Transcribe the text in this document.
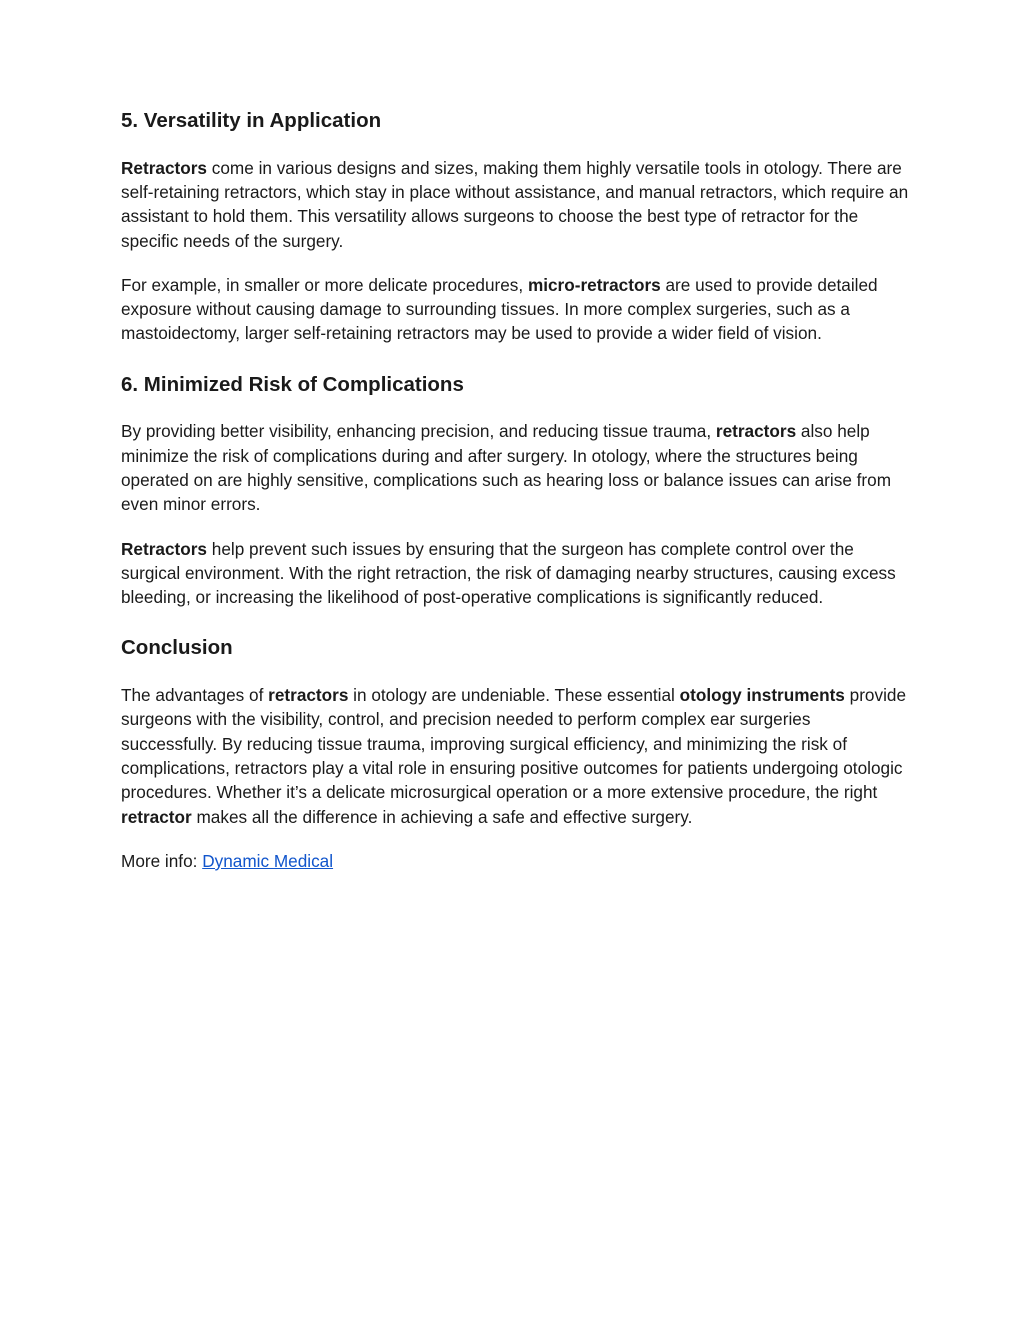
5. Versatility in Application

Retractors come in various designs and sizes, making them highly versatile tools in otology. There are self-retaining retractors, which stay in place without assistance, and manual retractors, which require an assistant to hold them. This versatility allows surgeons to choose the best type of retractor for the specific needs of the surgery.

For example, in smaller or more delicate procedures, micro-retractors are used to provide detailed exposure without causing damage to surrounding tissues. In more complex surgeries, such as a mastoidectomy, larger self-retaining retractors may be used to provide a wider field of vision.

6. Minimized Risk of Complications

By providing better visibility, enhancing precision, and reducing tissue trauma, retractors also help minimize the risk of complications during and after surgery. In otology, where the structures being operated on are highly sensitive, complications such as hearing loss or balance issues can arise from even minor errors.

Retractors help prevent such issues by ensuring that the surgeon has complete control over the surgical environment. With the right retraction, the risk of damaging nearby structures, causing excess bleeding, or increasing the likelihood of post-operative complications is significantly reduced.

Conclusion

The advantages of retractors in otology are undeniable. These essential otology instruments provide surgeons with the visibility, control, and precision needed to perform complex ear surgeries successfully. By reducing tissue trauma, improving surgical efficiency, and minimizing the risk of complications, retractors play a vital role in ensuring positive outcomes for patients undergoing otologic procedures. Whether it’s a delicate microsurgical operation or a more extensive procedure, the right retractor makes all the difference in achieving a safe and effective surgery.

More info: Dynamic Medical
